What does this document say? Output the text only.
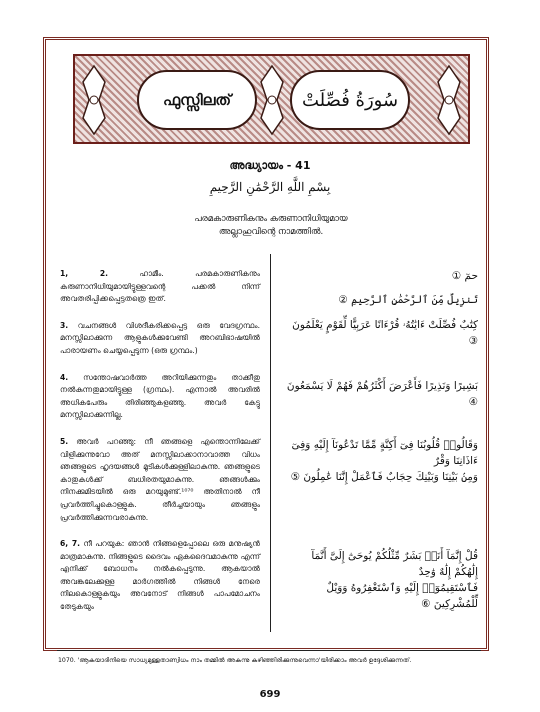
ഫുസ്സിലത്	سُورَةُ فُصِّلَتْ
അദ്ധ്യായം - 41
بِسْمِ اللَّهِ الرَّحْمَٰنِ الرَّحِيمِ
പരമകാരുണികനും കരുണാനിധിയുമായ
അല്ലാഹുവിന്റെ നാമത്തിൽ.

1, 2.	ഹാമീം. പരമകാരുണികനും കരുണാനിധിയുമായിട്ടുള്ളവന്റെ പക്കൽ നിന്ന് അവതരിപ്പിക്കപ്പെട്ടതത്രെ ഇത്.

3. വചനങ്ങൾ വിശദീകരിക്കപ്പെട്ട ഒരു വേദഗ്രന്ഥം. മനസ്സിലാക്കുന്ന ആളുകൾക്കുവേണ്ടി അറബിഭാഷയിൽ പാരായണം ചെയ്യപ്പെടുന്ന (ഒരു ഗ്രന്ഥം.)

4. സന്തോഷവാർത്ത അറിയിക്കുന്നതും താക്കീതു നൽകുന്നതുമായിട്ടുള്ള (ഗ്രന്ഥം). എന്നാൽ അവരിൽ അധികപേരും തിരിഞ്ഞുകളഞ്ഞു. അവർ കേട്ടു മനസ്സിലാക്കുന്നില്ല.

5. അവർ പറഞ്ഞു: നീ ഞങ്ങളെ എന്തൊന്നിലേക്ക് വിളിക്കുന്നുവോ അത് മനസ്സിലാക്കാനാവാത്ത വിധം ഞങ്ങളുടെ ഹൃദയങ്ങൾ മൂടികൾക്കുള്ളിലാകുന്നു. ഞങ്ങളുടെ കാതുകൾക്ക് ബധിരതയുമാകുന്നു. ഞങ്ങൾക്കും നിനക്കുമിടയിൽ ഒരു മറയുമുണ്ട്.¹⁰⁷⁰ അതിനാൽ നീ പ്രവർത്തിച്ചുകൊള്ളുക. തീർച്ചയായും ഞങ്ങളും പ്രവർത്തിക്കുന്നവരാകുന്നു.

6, 7. നീ പറയുക: ഞാൻ നിങ്ങളെപ്പോലെ ഒരു മനുഷ്യൻ മാത്രമാകുന്നു. നിങ്ങളുടെ ദൈവം ഏകദൈവമാകുന്നു എന്ന് എനിക്ക് ബോധനം നൽകപ്പെടുന്നു. ആകയാൽ അവങ്കലേക്കുള്ള മാർഗത്തിൽ നിങ്ങൾ നേരെ നിലകൊള്ളുകയും അവനോട് നിങ്ങൾ പാപമോചനം തേടുകയും

حمٓ ①
تَنزِيلٌ مِّنَ ٱلرَّحْمَٰنِ ٱلرَّحِيمِ ②
كِتَٰبٌ فُصِّلَتْ ءَايَٰتُهُۥ قُرْءَانًا عَرَبِيًّا لِّقَوْمٍ يَعْلَمُونَ ③
بَشِيرًا وَنَذِيرًا فَأَعْرَضَ أَكْثَرُهُمْ فَهُمْ لَا يَسْمَعُونَ ④
وَقَالُوا۟ قُلُوبُنَا فِىٓ أَكِنَّةٍ مِّمَّا تَدْعُونَآ إِلَيْهِ وَفِىٓ ءَاذَانِنَا وَقْرٌ
وَمِنۢ بَيْنِنَا وَبَيْنِكَ حِجَابٌ فَٱعْمَلْ إِنَّنَا عَٰمِلُونَ ⑤
قُلْ إِنَّمَآ أَنَا۠ بَشَرٌ مِّثْلُكُمْ يُوحَىٰٓ إِلَىَّ أَنَّمَآ إِلَٰهُكُمْ إِلَٰهٌ وَٰحِدٌ
فَٱسْتَقِيمُوٓا۟ إِلَيْهِ وَٱسْتَغْفِرُوهُ وَوَيْلٌ لِّلْمُشْرِكِينَ ⑥
1070. 'ആകയാദിനിയെ സാധ്യമുള്ളതാണ്വിധം നാം തമ്മിൽ അകന്നു കഴിഞ്ഞിരിക്കുന്നുവെന്നാ'യിരിക്കാം അവർ ഉദ്ദേശിക്കുന്നത്.
699
